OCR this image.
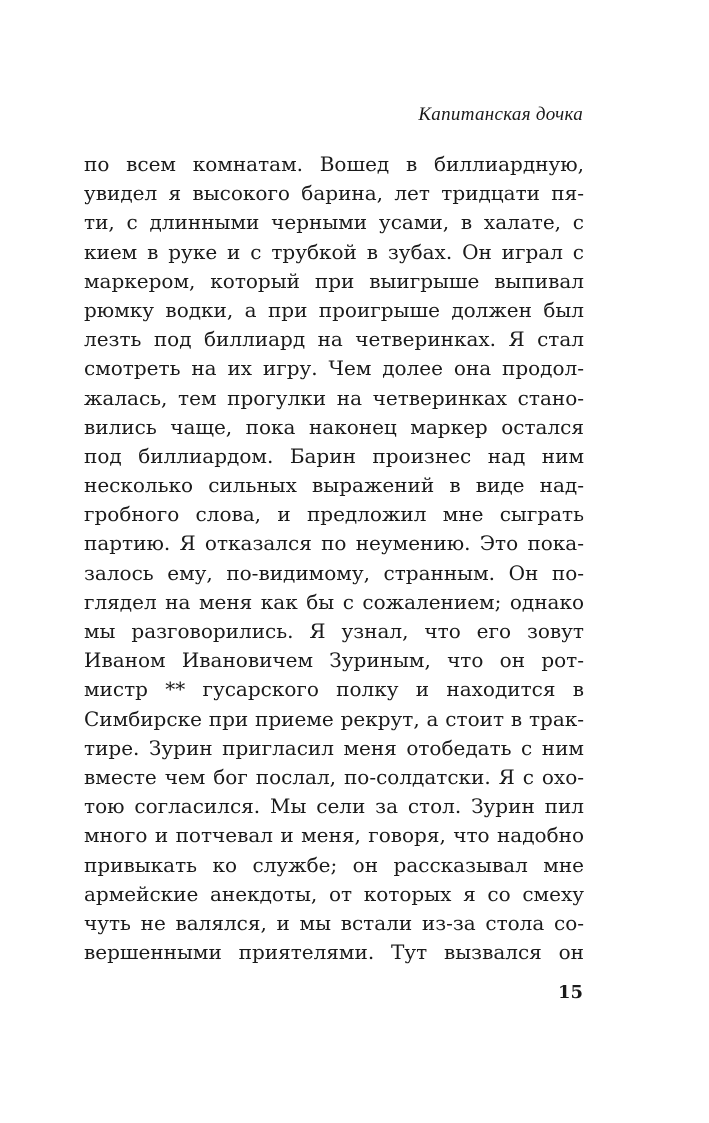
Капитанская дочка
по всем комнатам. Вошед в биллиардную,
увидел я высокого барина, лет тридцати пя-
ти, с длинными черными усами, в халате, с
кием в руке и с трубкой в зубах. Он играл с
маркером, который при выигрыше выпивал
рюмку водки, а при проигрыше должен был
лезть под биллиард на четверинках. Я стал
смотреть на их игру. Чем долее она продол-
жалась, тем прогулки на четверинках стано-
вились чаще, пока наконец маркер остался
под биллиардом. Барин произнес над ним
несколько сильных выражений в виде над-
гробного слова, и предложил мне сыграть
партию. Я отказался по неумению. Это пока-
залось ему, по-видимому, странным. Он по-
глядел на меня как бы с сожалением; однако
мы разговорились. Я узнал, что его зовут
Иваном Ивановичем Зуриным, что он рот-
мистр ** гусарского полку и находится в
Симбирске при приеме рекрут, а стоит в трак-
тире. Зурин пригласил меня отобедать с ним
вместе чем бог послал, по-солдатски. Я с охо-
тою согласился. Мы сели за стол. Зурин пил
много и потчевал и меня, говоря, что надобно
привыкать ко службе; он рассказывал мне
армейские анекдоты, от которых я со смеху
чуть не валялся, и мы встали из-за стола со-
вершенными приятелями. Тут вызвался он
15
